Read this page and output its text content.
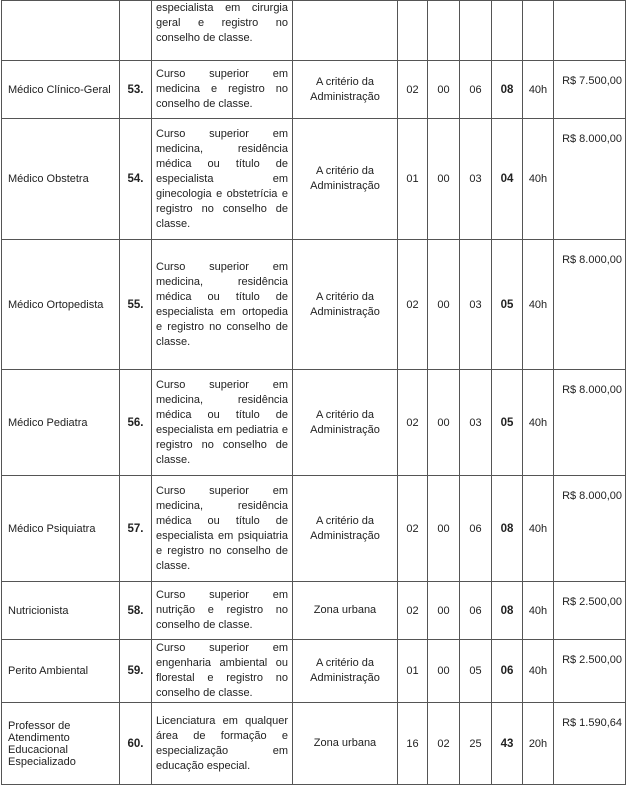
		especialista em cirurgia geral e registro no conselho de classe.							
Médico Clínico-Geral	53.	Curso superior em medicina e registro no conselho de classe.	A critério da Administração	02	00	06	08	40h	R$ 7.500,00
Médico Obstetra	54.	Curso superior em medicina, residência médica ou título de especialista em ginecologia e obstetrícia e registro no conselho de classe.	A critério da Administração	01	00	03	04	40h	R$ 8.000,00
Médico Ortopedista	55.	Curso superior em medicina, residência médica ou título de especialista em ortopedia e registro no conselho de classe.	A critério da Administração	02	00	03	05	40h	R$ 8.000,00
Médico Pediatra	56.	Curso superior em medicina, residência médica ou título de especialista em pediatria e registro no conselho de classe.	A critério da Administração	02	00	03	05	40h	R$ 8.000,00
Médico Psiquiatra	57.	Curso superior em medicina, residência médica ou título de especialista em psiquiatria e registro no conselho de classe.	A critério da Administração	02	00	06	08	40h	R$ 8.000,00
Nutricionista	58.	Curso superior em nutrição e registro no conselho de classe.	Zona urbana	02	00	06	08	40h	R$ 2.500,00
Perito Ambiental	59.	Curso superior em engenharia ambiental ou florestal e registro no conselho de classe.	A critério da Administração	01	00	05	06	40h	R$ 2.500,00
Professor de Atendimento Educacional Especializado	60.	Licenciatura em qualquer área de formação e especialização em educação especial.	Zona urbana	16	02	25	43	20h	R$ 1.590,64
